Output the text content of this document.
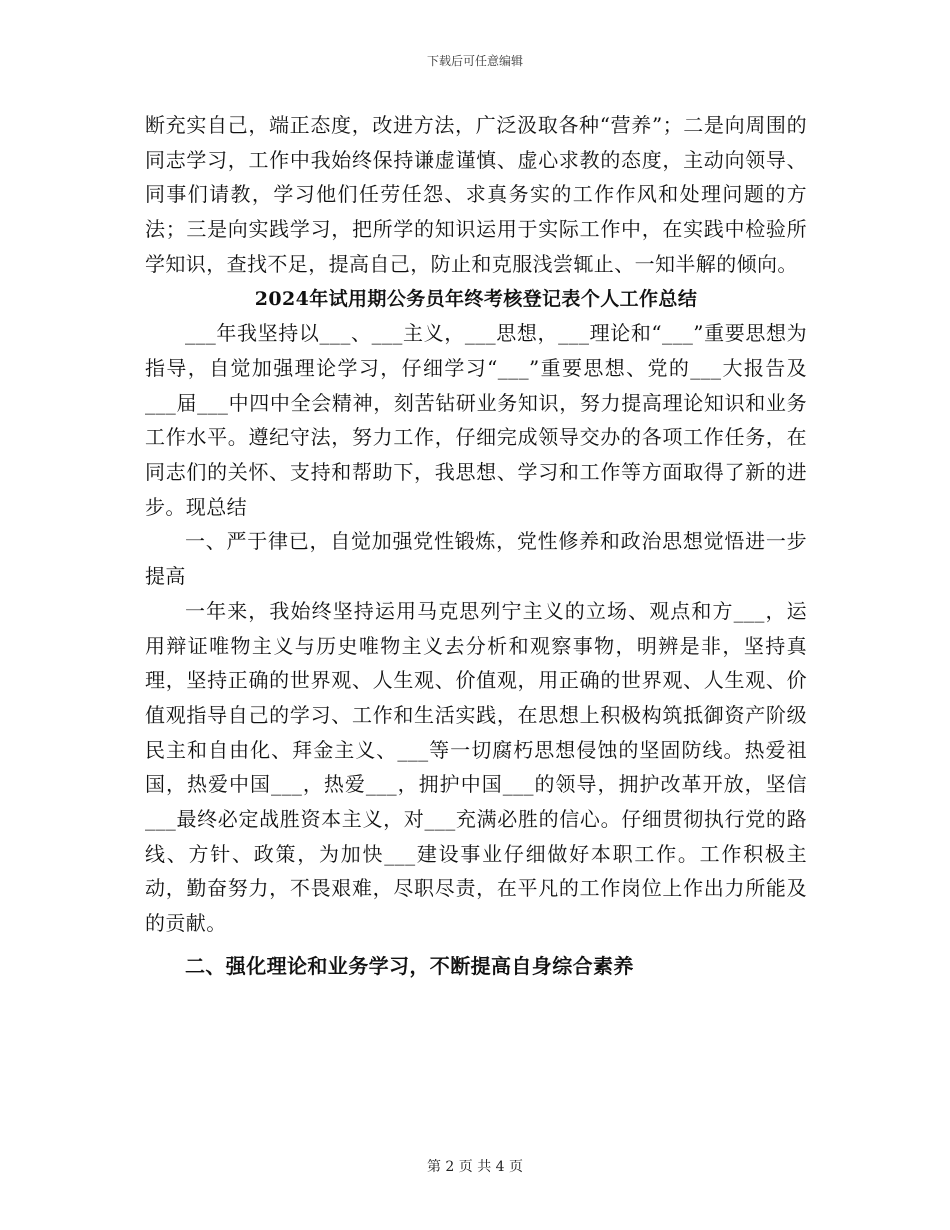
下载后可任意编辑

断充实自己，端正态度，改进方法，广泛汲取各种“营养”；二是向周围的同志学习，工作中我始终保持谦虚谨慎、虚心求教的态度，主动向领导、同事们请教，学习他们任劳任怨、求真务实的工作作风和处理问题的方法；三是向实践学习，把所学的知识运用于实际工作中，在实践中检验所学知识，查找不足，提高自己，防止和克服浅尝辄止、一知半解的倾向。

2024年试用期公务员年终考核登记表个人工作总结

___年我坚持以___、___主义，___思想，___理论和“___”重要思想为指导，自觉加强理论学习，仔细学习“___”重要思想、党的___大报告及___届___中四中全会精神，刻苦钻研业务知识，努力提高理论知识和业务工作水平。遵纪守法，努力工作，仔细完成领导交办的各项工作任务，在同志们的关怀、支持和帮助下，我思想、学习和工作等方面取得了新的进步。现总结

一、严于律已，自觉加强党性锻炼，党性修养和政治思想觉悟进一步提高

一年来，我始终坚持运用马克思列宁主义的立场、观点和方___，运用辩证唯物主义与历史唯物主义去分析和观察事物，明辨是非，坚持真理，坚持正确的世界观、人生观、价值观，用正确的世界观、人生观、价值观指导自己的学习、工作和生活实践，在思想上积极构筑抵御资产阶级民主和自由化、拜金主义、___等一切腐朽思想侵蚀的坚固防线。热爱祖国，热爱中国___，热爱___，拥护中国___的领导，拥护改革开放，坚信___最终必定战胜资本主义，对___充满必胜的信心。仔细贯彻执行党的路线、方针、政策，为加快___建设事业仔细做好本职工作。工作积极主动，勤奋努力，不畏艰难，尽职尽责，在平凡的工作岗位上作出力所能及的贡献。

二、强化理论和业务学习，不断提高自身综合素养

第 2 页 共 4 页
